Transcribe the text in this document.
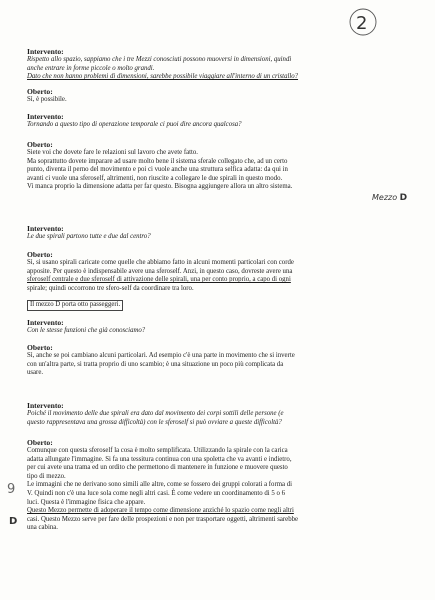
2
Intervento:

Rispetto allo spazio, sappiamo che i tre Mezzi conosciuti possono muoversi in dimensioni, quindi

anche entrare in forme piccole o molto grandi.

Dato che non hanno problemi di dimensioni, sarebbe possibile viaggiare all'interno di un cristallo?

Oberto:

Sì, è possibile.

Intervento:

Tornando a questo tipo di operazione temporale ci puoi dire ancora qualcosa?

Oberto:

Siete voi che dovete fare le relazioni sul lavoro che avete fatto.

Ma soprattutto dovete imparare ad usare molto bene il sistema sferale collegato che, ad un certo

punto, diventa il perno del movimento e poi ci vuole anche una struttura selfica adatta: da qui in

avanti ci vuole una sferoself, altrimenti, non riuscite a collegare le due spirali in questo modo.

Vi manca proprio la dimensione adatta per far questo. Bisogna aggiungere allora un altro sistema.

Mezzo D
Intervento:

Le due spirali partono tutte e due dal centro?

Oberto:

Sì, si usano spirali caricate come quelle che abbiamo fatto in alcuni momenti particolari con corde

apposite. Per questo è indispensabile avere una sferoself. Anzi, in questo caso, dovreste avere una

sferoself centrale e due sferoself di attivazione delle spirali, una per conto proprio, a capo di ogni

spirale; quindi occorrono tre sfero-self da coordinare tra loro.

Il mezzo D porta otto passeggeri.

Intervento:

Con le stesse funzioni che già conosciamo?

Oberto:

Sì, anche se poi cambiano alcuni particolari. Ad esempio c'è una parte in movimento che si inverte

con un'altra parte, si tratta proprio di uno scambio; è una situazione un poco più complicata da

usare.

Intervento:

Poiché il movimento delle due spirali era dato dal movimento dei corpi sottili delle persone (e

questo rappresentava una grossa difficoltà) con le sferoself si può ovviare a queste difficoltà?

Oberto:

Comunque con questa sferoself la cosa è molto semplificata. Utilizzando la spirale con la carica

adatta allungate l'immagine. Si fa una tessitura continua con una spoletta che va avanti e indietro,

per cui avete una trama ed un ordito che permettono di mantenere in funzione e muovere questo

tipo di mezzo.

Le immagini che ne derivano sono simili alle altre, come se fossero dei gruppi colorati a forma di

V. Quindi non c'è una luce sola come negli altri casi. È come vedere un coordinamento di 5 o 6

luci. Questa è l'immagine fisica che appare.

Questo Mezzo permette di adoperare il tempo come dimensione anziché lo spazio come negli altri

casi. Questo Mezzo serve per fare delle prospezioni e non per trasportare oggetti, altrimenti sarebbe

una cabina.

9
D
